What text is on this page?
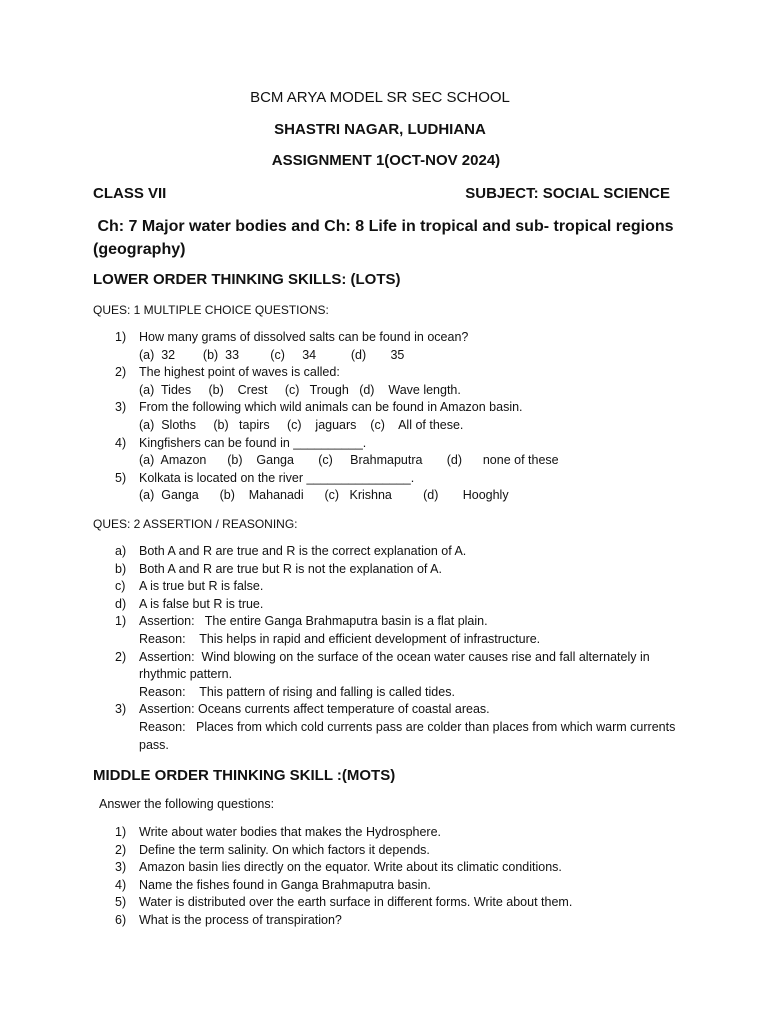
BCM ARYA MODEL SR SEC SCHOOL
SHASTRI NAGAR, LUDHIANA
ASSIGNMENT 1(OCT-NOV 2024)
CLASS VII	SUBJECT: SOCIAL SCIENCE
Ch: 7 Major water bodies and Ch: 8 Life in tropical and sub- tropical regions (geography)
LOWER ORDER THINKING SKILLS: (LOTS)
QUES: 1 MULTIPLE CHOICE QUESTIONS:
1) How many grams of dissolved salts can be found in ocean?
(a)  32        (b)  33         (c)     34          (d)       35
2) The highest point of waves is called:
(a)  Tides     (b)    Crest     (c)   Trough   (d)    Wave length.
3) From the following which wild animals can be found in Amazon basin.
(a)  Sloths     (b)   tapirs     (c)    jaguars    (c)    All of these.
4) Kingfishers can be found in __________.
(a)  Amazon      (b)    Ganga       (c)     Brahmaputra       (d)      none of these
5) Kolkata is located on the river _______________.
(a)  Ganga      (b)    Mahanadi      (c)   Krishna         (d)       Hooghly
QUES: 2 ASSERTION / REASONING:
a) Both A and R are true and R is the correct explanation of A.
b) Both A and R are true but R is not the explanation of A.
c) A is true but R is false.
d) A is false but R is true.
1) Assertion:   The entire Ganga Brahmaputra basin is a flat plain.
Reason:    This helps in rapid and efficient development of infrastructure.
2) Assertion:  Wind blowing on the surface of the ocean water causes rise and fall alternately in rhythmic pattern.
Reason:    This pattern of rising and falling is called tides.
3) Assertion: Oceans currents affect temperature of coastal areas.
Reason:   Places from which cold currents pass are colder than places from which warm currents pass.
MIDDLE ORDER THINKING SKILL :(MOTS)
Answer the following questions:
1) Write about water bodies that makes the Hydrosphere.
2) Define the term salinity. On which factors it depends.
3) Amazon basin lies directly on the equator. Write about its climatic conditions.
4) Name the fishes found in Ganga Brahmaputra basin.
5) Water is distributed over the earth surface in different forms. Write about them.
6) What is the process of transpiration?
